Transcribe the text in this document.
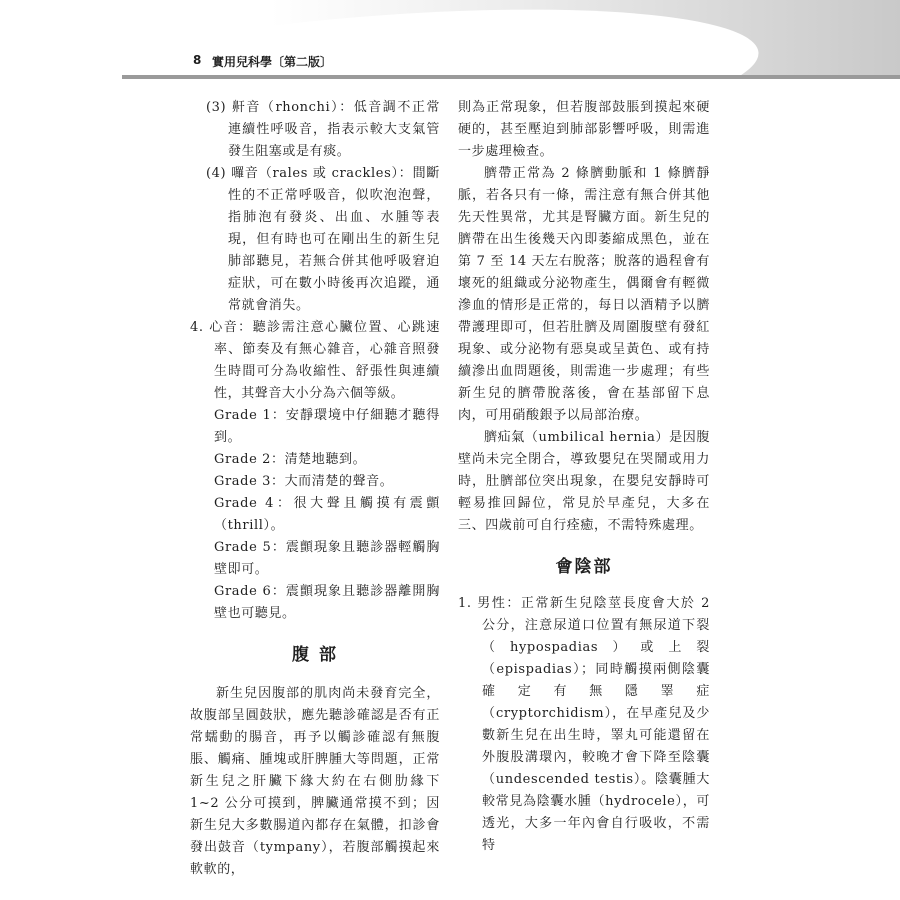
8 實用兒科學〔第二版〕

(3) 鼾音（rhonchi）：低音調不正常連續性呼吸音，指表示較大支氣管發生阻塞或是有痰。

(4) 囉音（rales 或 crackles）：間斷性的不正常呼吸音，似吹泡泡聲，指肺泡有發炎、出血、水腫等表現，但有時也可在剛出生的新生兒肺部聽見，若無合併其他呼吸窘迫症狀，可在數小時後再次追蹤，通常就會消失。

4. 心音：聽診需注意心臟位置、心跳速率、節奏及有無心雜音，心雜音照發生時間可分為收縮性、舒張性與連續性，其聲音大小分為六個等級。

Grade 1：安靜環境中仔細聽才聽得到。

Grade 2：清楚地聽到。

Grade 3：大而清楚的聲音。

Grade 4：很大聲且觸摸有震顫（thrill）。

Grade 5：震顫現象且聽診器輕觸胸壁即可。

Grade 6：震顫現象且聽診器離開胸壁也可聽見。

腹 部

新生兒因腹部的肌肉尚未發育完全，故腹部呈圓鼓狀，應先聽診確認是否有正常蠕動的腸音，再予以觸診確認有無腹脹、觸痛、腫塊或肝脾腫大等問題，正常新生兒之肝臟下緣大約在右側肋緣下 1~2 公分可摸到，脾臟通常摸不到；因新生兒大多數腸道內都存在氣體，扣診會發出鼓音（tympany），若腹部觸摸起來軟軟的，

則為正常現象，但若腹部鼓脹到摸起來硬硬的，甚至壓迫到肺部影響呼吸，則需進一步處理檢查。

臍帶正常為 2 條臍動脈和 1 條臍靜脈，若各只有一條，需注意有無合併其他先天性異常，尤其是腎臟方面。新生兒的臍帶在出生後幾天內即萎縮成黑色，並在第 7 至 14 天左右脫落；脫落的過程會有壞死的組織或分泌物產生，偶爾會有輕微滲血的情形是正常的，每日以酒精予以臍帶護理即可，但若肚臍及周圍腹壁有發紅現象、或分泌物有惡臭或呈黃色、或有持續滲出血問題後，則需進一步處理；有些新生兒的臍帶脫落後，會在基部留下息肉，可用硝酸銀予以局部治療。

臍疝氣（umbilical hernia）是因腹壁尚未完全閉合，導致嬰兒在哭鬧或用力時，肚臍部位突出現象，在嬰兒安靜時可輕易推回歸位，常見於早產兒，大多在三、四歲前可自行痊癒，不需特殊處理。

會陰部

1. 男性：正常新生兒陰莖長度會大於 2 公分，注意尿道口位置有無尿道下裂（hypospadias）或上裂（epispadias）；同時觸摸兩側陰囊確定有無隱睪症（cryptorchidism），在早產兒及少數新生兒在出生時，睪丸可能還留在外腹股溝環內，較晚才會下降至陰囊（undescended testis）。陰囊腫大較常見為陰囊水腫（hydrocele），可透光，大多一年內會自行吸收，不需特
